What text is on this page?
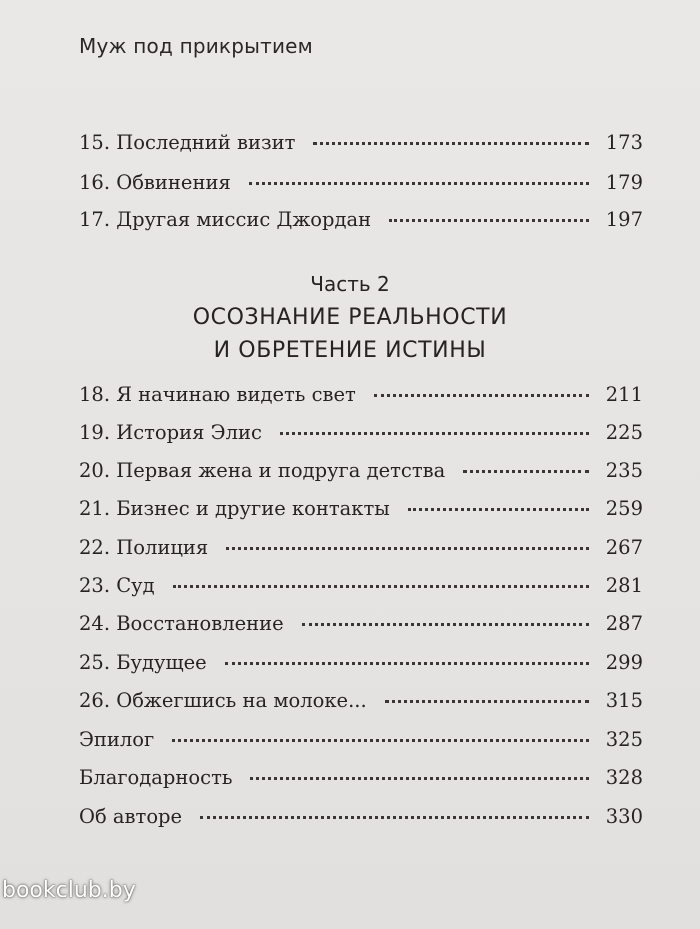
Муж под прикрытием
15. Последний визит	173
16. Обвинения	179
17. Другая миссис Джордан	197
Часть 2
ОСОЗНАНИЕ РЕАЛЬНОСТИ
И ОБРЕТЕНИЕ ИСТИНЫ
18. Я начинаю видеть свет	211
19. История Элис	225
20. Первая жена и подруга детства	235
21. Бизнес и другие контакты	259
22. Полиция	267
23. Суд	281
24. Восстановление	287
25. Будущее	299
26. Обжегшись на молоке...	315
Эпилог	325
Благодарность	328
Об авторе	330
bookclub.by
